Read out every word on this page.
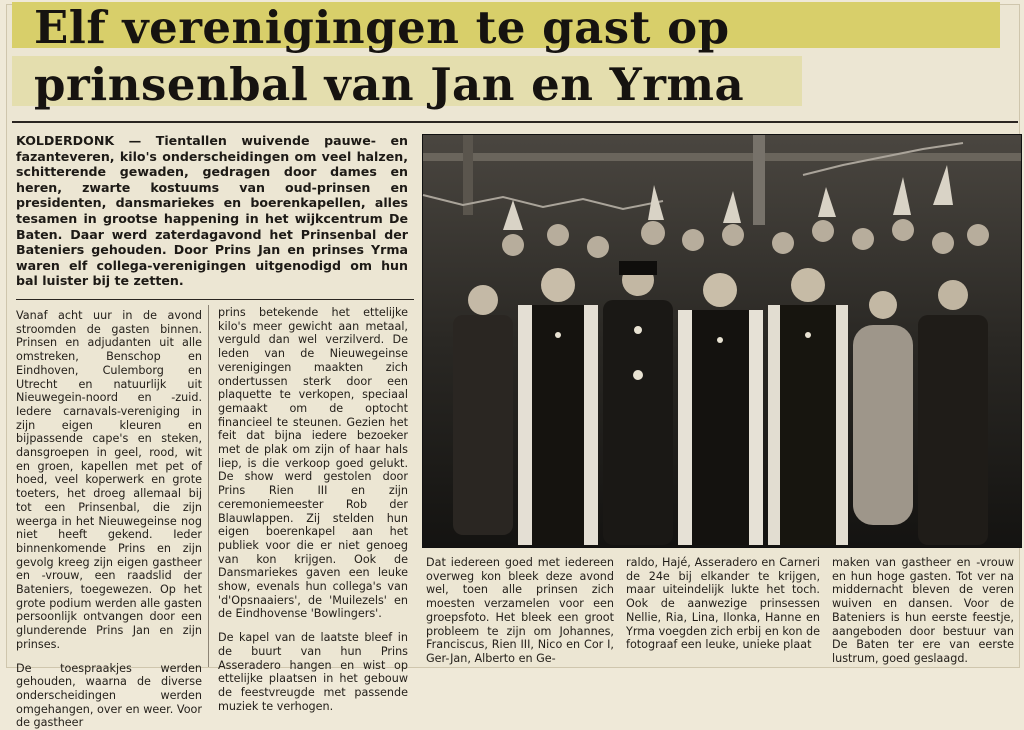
Elf verenigingen te gast op
prinsenbal van Jan en Yrma
KOLDERDONK — Tientallen wuivende pauwe- en fazanteveren, kilo's onderscheidingen om veel halzen, schitterende gewaden, gedragen door dames en heren, zwarte kostuums van oud-prinsen en presidenten, dansmariekes en boerenkapellen, alles tesamen in grootse happening in het wijkcentrum De Baten. Daar werd zaterdagavond het Prinsenbal der Bateniers gehouden. Door Prins Jan en prinses Yrma waren elf collega-verenigingen uitgenodigd om hun bal luister bij te zetten.

Vanaf acht uur in de avond stroomden de gasten binnen. Prinsen en adjudanten uit alle omstreken, Benschop en Eindhoven, Culemborg en Utrecht en natuurlijk uit Nieuwegein-noord en -zuid. Iedere carnavals-vereniging in zijn eigen kleuren en bijpassende cape's en steken, dansgroepen in geel, rood, wit en groen, kapellen met pet of hoed, veel koperwerk en grote toeters, het droeg allemaal bij tot een Prinsenbal, die zijn weerga in het Nieuwegeinse nog niet heeft gekend. Ieder binnenkomende Prins en zijn gevolg kreeg zijn eigen gastheer en -vrouw, een raadslid der Bateniers, toegewezen. Op het grote podium werden alle gasten persoonlijk ontvangen door een glunderende Prins Jan en zijn prinses.

De toespraakjes werden gehouden, waarna de diverse onderscheidingen werden omgehangen, over en weer. Voor de gastheer

prins betekende het ettelijke kilo's meer gewicht aan metaal, verguld dan wel verzilverd. De leden van de Nieuwegeinse verenigingen maakten zich ondertussen sterk door een plaquette te verkopen, speciaal gemaakt om de optocht financieel te steunen. Gezien het feit dat bijna iedere bezoeker met de plak om zijn of haar hals liep, is die verkoop goed gelukt. De show werd gestolen door Prins Rien III en zijn ceremoniemeester Rob der Blauwlappen. Zij stelden hun eigen boerenkapel aan het publiek voor die er niet genoeg van kon krijgen. Ook de Dansmariekes gaven een leuke show, evenals hun collega's van 'd'Opsnaaiers', de 'Muilezels' en de Eindhovense 'Bowlingers'.

De kapel van de laatste bleef in de buurt van hun Prins Asseradero hangen en wist op ettelijke plaatsen in het gebouw de feestvreugde met passende muziek te verhogen.

Dat iedereen goed met iedereen overweg kon bleek deze avond wel, toen alle prinsen zich moesten verzamelen voor een groepsfoto. Het bleek een groot probleem te zijn om Johannes, Franciscus, Rien III, Nico en Cor I, Ger-Jan, Alberto en Ge-

raldo, Hajé, Asseradero en Carneri de 24e bij elkander te krijgen, maar uiteindelijk lukte het toch. Ook de aanwezige prinsessen Nellie, Ria, Lina, Ilonka, Hanne en Yrma voegden zich erbij en kon de fotograaf een leuke, unieke plaat

maken van gastheer en -vrouw en hun hoge gasten. Tot ver na middernacht bleven de veren wuiven en dansen. Voor de Bateniers is hun eerste feestje, aangeboden door bestuur van De Baten ter ere van eerste lustrum, goed geslaagd.
